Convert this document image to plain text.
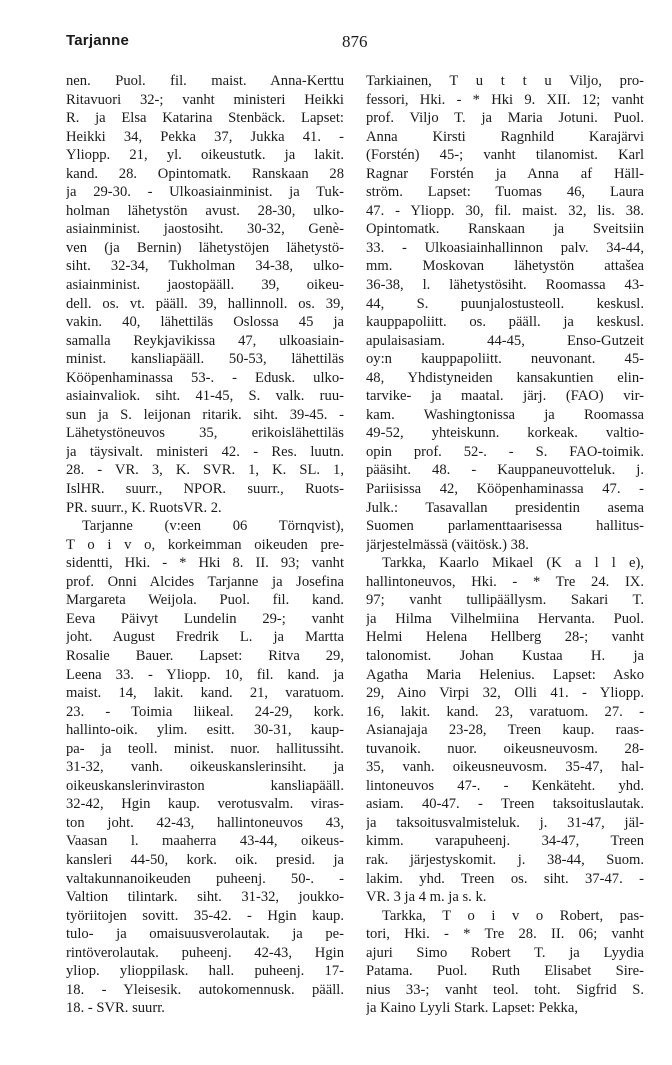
Tarjanne	876
nen. Puol. fil. maist. Anna-Kerttu
Ritavuori 32-; vanht ministeri Heikki
R. ja Elsa Katarina Stenbäck. Lapset:
Heikki 34, Pekka 37, Jukka 41. -
Yliopp. 21, yl. oikeustutk. ja lakit.
kand. 28. Opintomatk. Ranskaan 28
ja 29-30. - Ulkoasiainminist. ja Tuk-
holman lähetystön avust. 28-30, ulko-
asiainminist. jaostosiht. 30-32, Genè-
ven (ja Bernin) lähetystöjen lähetystö-
siht. 32-34, Tukholman 34-38, ulko-
asiainminist. jaostopääll. 39, oikeu-
dell. os. vt. pääll. 39, hallinnoll. os. 39,
vakin. 40, lähettiläs Oslossa 45 ja
samalla Reykjavikissa 47, ulkoasiain-
minist. kansliapääll. 50-53, lähettiläs
Kööpenhaminassa 53-. - Edusk. ulko-
asiainvaliok. siht. 41-45, S. valk. ruu-
sun ja S. leijonan ritarik. siht. 39-45. -
Lähetystöneuvos 35, erikoislähettiläs
ja täysivalt. ministeri 42. - Res. luutn.
28. - VR. 3, K. SVR. 1, K. SL. 1,
IslHR. suurr., NPOR. suurr., Ruots-
PR. suurr., K. RuotsVR. 2.
Tarjanne (v:een 06 Törnqvist),
T o i v o, korkeimman oikeuden pre-
sidentti, Hki. - * Hki 8. II. 93; vanht
prof. Onni Alcides Tarjanne ja Josefina
Margareta Weijola. Puol. fil. kand.
Eeva Päivyt Lundelin 29-; vanht
joht. August Fredrik L. ja Martta
Rosalie Bauer. Lapset: Ritva 29,
Leena 33. - Yliopp. 10, fil. kand. ja
maist. 14, lakit. kand. 21, varatuom.
23. - Toimia liikeal. 24-29, kork.
hallinto-oik. ylim. esitt. 30-31, kaup-
pa- ja teoll. minist. nuor. hallitussiht.
31-32, vanh. oikeuskanslerinsiht. ja
oikeuskanslerinviraston kansliapääll.
32-42, Hgin kaup. verotusvalm. viras-
ton joht. 42-43, hallintoneuvos 43,
Vaasan l. maaherra 43-44, oikeus-
kansleri 44-50, kork. oik. presid. ja
valtakunnanoikeuden puheenj. 50-. -
Valtion tilintark. siht. 31-32, joukko-
työriitojen sovitt. 35-42. - Hgin kaup.
tulo- ja omaisuusverolautak. ja pe-
rintöverolautak. puheenj. 42-43, Hgin
yliop. ylioppilask. hall. puheenj. 17-
18. - Yleisesik. autokomennusk. pääll.
18. - SVR. suurr.
Tarkiainen, T u t t u Viljo, pro-
fessori, Hki. - * Hki 9. XII. 12; vanht
prof. Viljo T. ja Maria Jotuni. Puol.
Anna Kirsti Ragnhild Karajärvi
(Forstén) 45-; vanht tilanomist. Karl
Ragnar Forstén ja Anna af Häll-
ström. Lapset: Tuomas 46, Laura
47. - Yliopp. 30, fil. maist. 32, lis. 38.
Opintomatk. Ranskaan ja Sveitsiin
33. - Ulkoasiainhallinnon palv. 34-44,
mm. Moskovan lähetystön attašea
36-38, l. lähetystösiht. Roomassa 43-
44, S. puunjalostusteoll. keskusl.
kauppapoliitt. os. pääll. ja keskusl.
apulaisasiam. 44-45, Enso-Gutzeit
oy:n kauppapoliitt. neuvonant. 45-
48, Yhdistyneiden kansakuntien elin-
tarvike- ja maatal. järj. (FAO) vir-
kam. Washingtonissa ja Roomassa
49-52, yhteiskunn. korkeak. valtio-
opin prof. 52-. - S. FAO-toimik.
pääsiht. 48. - Kauppaneuvotteluk. j.
Pariisissa 42, Kööpenhaminassa 47. -
Julk.: Tasavallan presidentin asema
Suomen parlamenttaarisessa hallitus-
järjestelmässä (väitösk.) 38.
Tarkka, Kaarlo Mikael (K a l l e),
hallintoneuvos, Hki. - * Tre 24. IX.
97; vanht tullipäällysm. Sakari T.
ja Hilma Vilhelmiina Hervanta. Puol.
Helmi Helena Hellberg 28-; vanht
talonomist. Johan Kustaa H. ja
Agatha Maria Helenius. Lapset: Asko
29, Aino Virpi 32, Olli 41. - Yliopp.
16, lakit. kand. 23, varatuom. 27. -
Asianajaja 23-28, Treen kaup. raas-
tuvanoik. nuor. oikeusneuvosm. 28-
35, vanh. oikeusneuvosm. 35-47, hal-
lintoneuvos 47-. - Kenkäteht. yhd.
asiam. 40-47. - Treen taksoituslautak.
ja taksoitusvalmisteluk. j. 31-47, jäl-
kimm. varapuheenj. 34-47, Treen
rak. järjestyskomit. j. 38-44, Suom.
lakim. yhd. Treen os. siht. 37-47. -
VR. 3 ja 4 m. ja s. k.
Tarkka, T o i v o Robert, pas-
tori, Hki. - * Tre 28. II. 06; vanht
ajuri Simo Robert T. ja Lyydia
Patama. Puol. Ruth Elisabet Sire-
nius 33-; vanht teol. toht. Sigfrid S.
ja Kaino Lyyli Stark. Lapset: Pekka,
